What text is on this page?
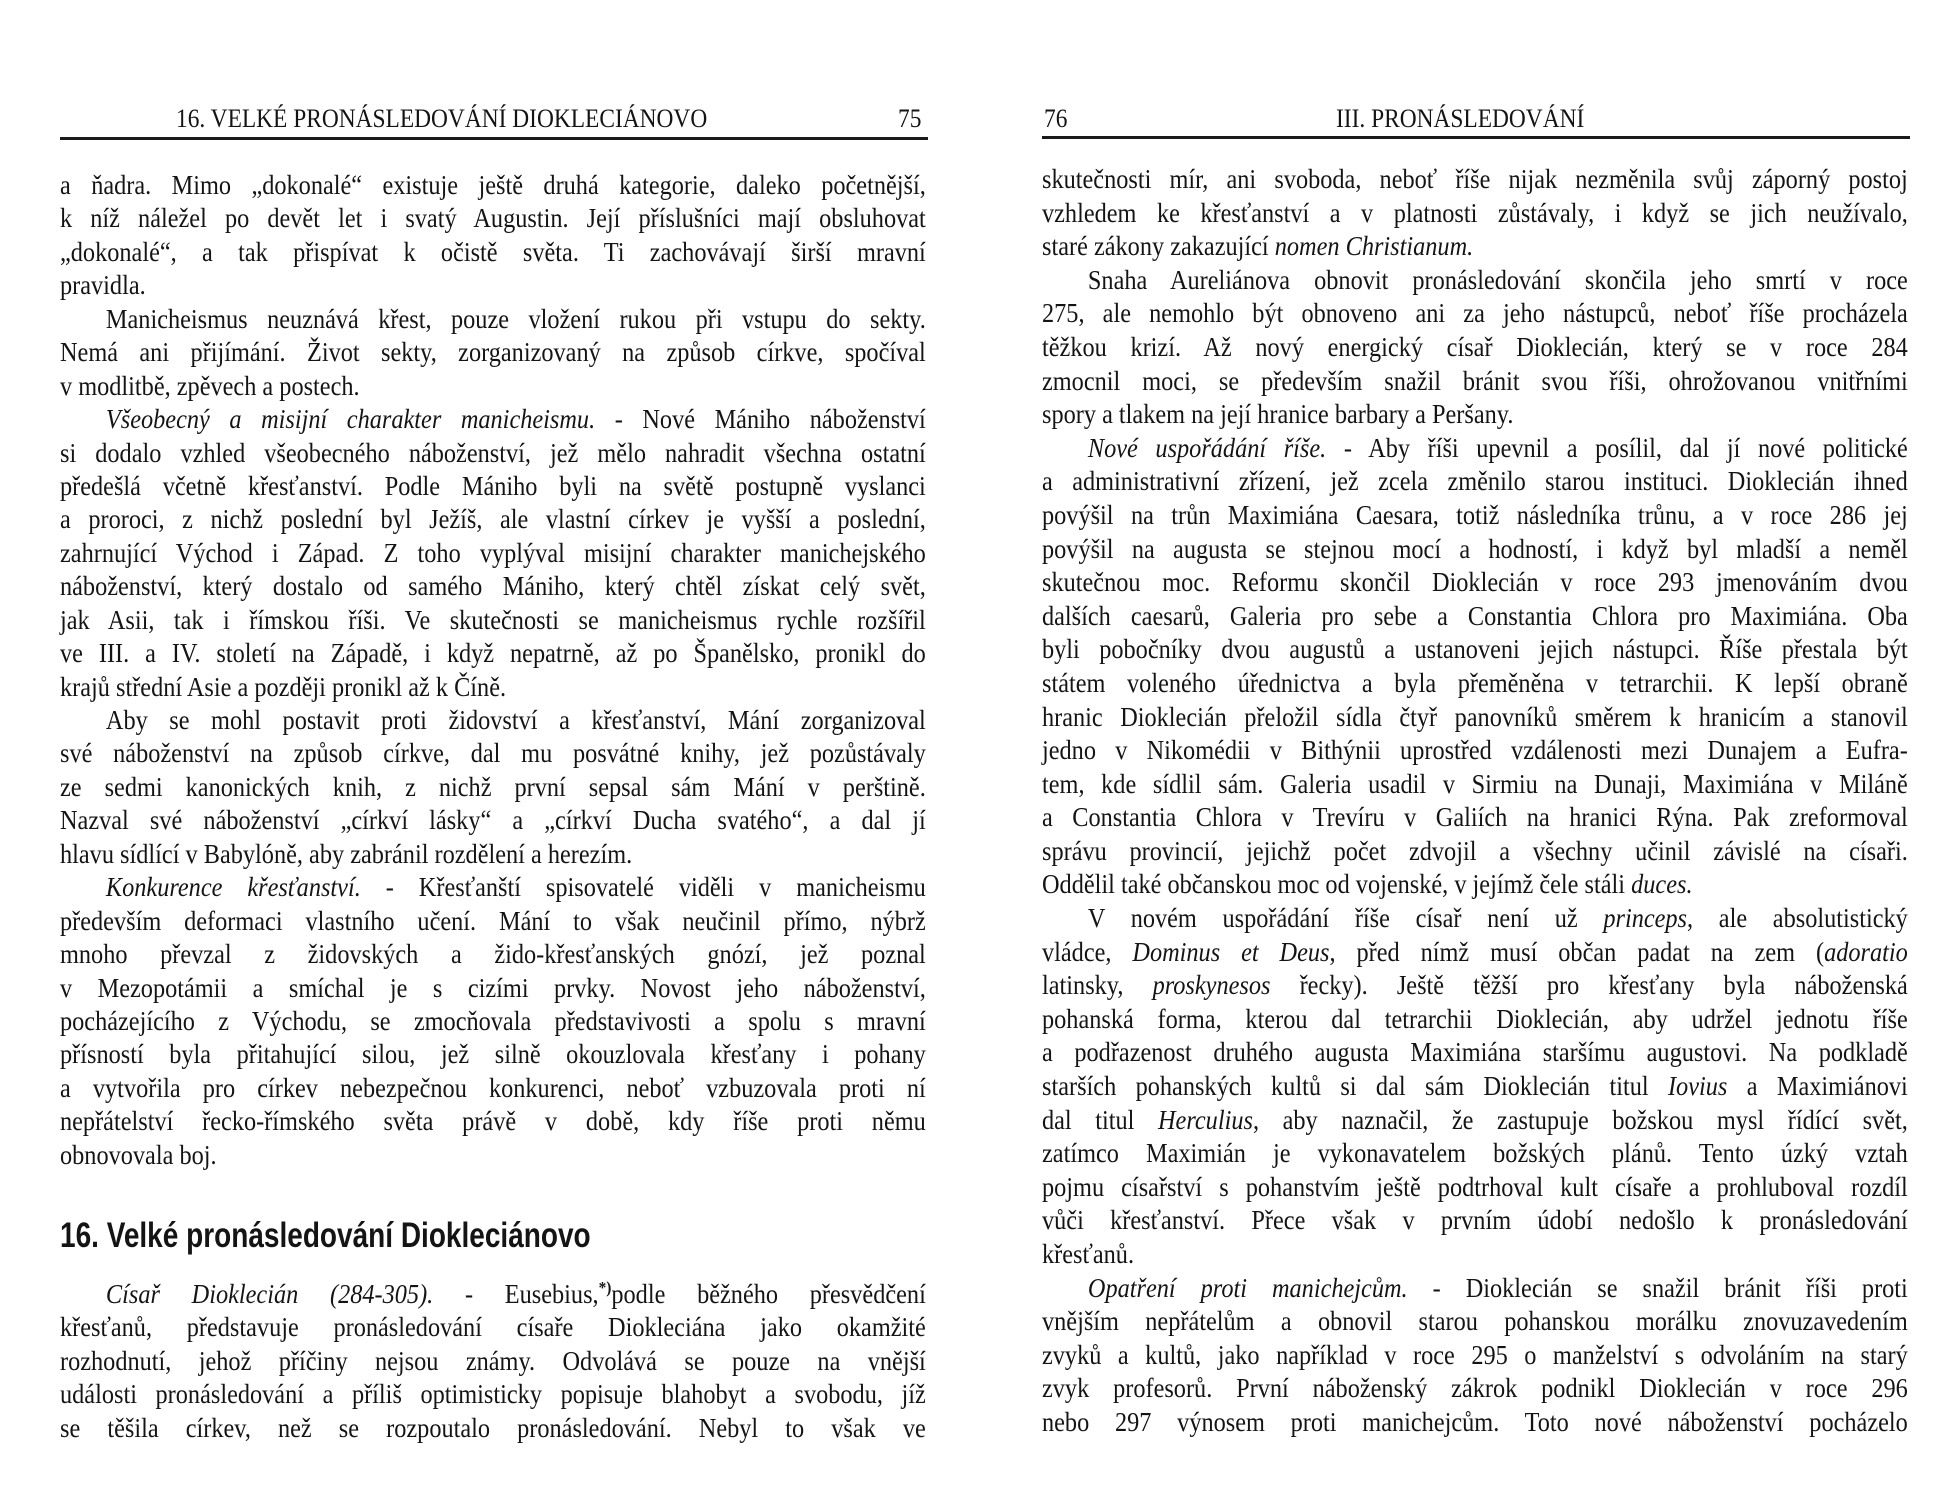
16. VELKÉ PRONÁSLEDOVÁNÍ DIOKLECIÁNOVO	75
a ňadra. Mimo „dokonalé“ existuje ještě druhá kategorie, daleko početnější,
k níž náležel po devět let i svatý Augustin. Její příslušníci mají obsluhovat
„dokonalé“, a tak přispívat k očistě světa. Ti zachovávají širší mravní
pravidla.
Manicheismus neuznává křest, pouze vložení rukou při vstupu do sekty.
Nemá ani přijímání. Život sekty, zorganizovaný na způsob církve, spočíval
v modlitbě, zpěvech a postech.
Všeobecný a misijní charakter manicheismu. - Nové Mániho náboženství
si dodalo vzhled všeobecného náboženství, jež mělo nahradit všechna ostatní
předešlá včetně křesťanství. Podle Mániho byli na světě postupně vyslanci
a proroci, z nichž poslední byl Ježíš, ale vlastní církev je vyšší a poslední,
zahrnující Východ i Západ. Z toho vyplýval misijní charakter manichejského
náboženství, který dostalo od samého Mániho, který chtěl získat celý svět,
jak Asii, tak i římskou říši. Ve skutečnosti se manicheismus rychle rozšířil
ve III. a IV. století na Západě, i když nepatrně, až po Španělsko, pronikl do
krajů střední Asie a později pronikl až k Číně.
Aby se mohl postavit proti židovství a křesťanství, Mání zorganizoval
své náboženství na způsob církve, dal mu posvátné knihy, jež pozůstávaly
ze sedmi kanonických knih, z nichž první sepsal sám Mání v perštině.
Nazval své náboženství „církví lásky“ a „církví Ducha svatého“, a dal jí
hlavu sídlící v Babylóně, aby zabránil rozdělení a herezím.
Konkurence křesťanství. - Křesťanští spisovatelé viděli v manicheismu
především deformaci vlastního učení. Mání to však neučinil přímo, nýbrž
mnoho převzal z židovských a žido-křesťanských gnózí, jež poznal
v Mezopotámii a smíchal je s cizími prvky. Novost jeho náboženství,
pocházejícího z Východu, se zmocňovala představivosti a spolu s mravní
přísností byla přitahující silou, jež silně okouzlovala křesťany i pohany
a vytvořila pro církev nebezpečnou konkurenci, neboť vzbuzovala proti ní
nepřátelství řecko-římského světa právě v době, kdy říše proti němu
obnovovala boj.
16. Velké pronásledování Diokleciánovo
Císař Dioklecián (284-305). - Eusebius,*)podle běžného přesvědčení
křesťanů, představuje pronásledování císaře Diokleciána jako okamžité
rozhodnutí, jehož příčiny nejsou známy. Odvolává se pouze na vnější
události pronásledování a příliš optimisticky popisuje blahobyt a svobodu, jíž
se těšila církev, než se rozpoutalo pronásledování. Nebyl to však ve
76	III. PRONÁSLEDOVÁNÍ
skutečnosti mír, ani svoboda, neboť říše nijak nezměnila svůj záporný postoj
vzhledem ke křesťanství a v platnosti zůstávaly, i když se jich neužívalo,
staré zákony zakazující nomen Christianum.
Snaha Aureliánova obnovit pronásledování skončila jeho smrtí v roce
275, ale nemohlo být obnoveno ani za jeho nástupců, neboť říše procházela
těžkou krizí. Až nový energický císař Dioklecián, který se v roce 284
zmocnil moci, se především snažil bránit svou říši, ohrožovanou vnitřními
spory a tlakem na její hranice barbary a Peršany.
Nové uspořádání říše. - Aby říši upevnil a posílil, dal jí nové politické
a administrativní zřízení, jež zcela změnilo starou instituci. Dioklecián ihned
povýšil na trůn Maximiána Caesara, totiž následníka trůnu, a v roce 286 jej
povýšil na augusta se stejnou mocí a hodností, i když byl mladší a neměl
skutečnou moc. Reformu skončil Dioklecián v roce 293 jmenováním dvou
dalších caesarů, Galeria pro sebe a Constantia Chlora pro Maximiána. Oba
byli pobočníky dvou augustů a ustanoveni jejich nástupci. Říše přestala být
státem voleného úřednictva a byla přeměněna v tetrarchii. K lepší obraně
hranic Dioklecián přeložil sídla čtyř panovníků směrem k hranicím a stanovil
jedno v Nikomédii v Bithýnii uprostřed vzdálenosti mezi Dunajem a Eufra-
tem, kde sídlil sám. Galeria usadil v Sirmiu na Dunaji, Maximiána v Miláně
a Constantia Chlora v Trevíru v Galiích na hranici Rýna. Pak zreformoval
správu provincií, jejichž počet zdvojil a všechny učinil závislé na císaři.
Oddělil také občanskou moc od vojenské, v jejímž čele stáli duces.
V novém uspořádání říše císař není už princeps, ale absolutistický
vládce, Dominus et Deus, před nímž musí občan padat na zem (adoratio
latinsky, proskynesos řecky). Ještě těžší pro křesťany byla náboženská
pohanská forma, kterou dal tetrarchii Dioklecián, aby udržel jednotu říše
a podřazenost druhého augusta Maximiána staršímu augustovi. Na podkladě
starších pohanských kultů si dal sám Dioklecián titul Iovius a Maximiánovi
dal titul Herculius, aby naznačil, že zastupuje božskou mysl řídící svět,
zatímco Maximián je vykonavatelem božských plánů. Tento úzký vztah
pojmu císařství s pohanstvím ještě podtrhoval kult císaře a prohluboval rozdíl
vůči křesťanství. Přece však v prvním údobí nedošlo k pronásledování
křesťanů.
Opatření proti manichejcům. - Dioklecián se snažil bránit říši proti
vnějším nepřátelům a obnovil starou pohanskou morálku znovuzavedením
zvyků a kultů, jako například v roce 295 o manželství s odvoláním na starý
zvyk profesorů. První náboženský zákrok podnikl Dioklecián v roce 296
nebo 297 výnosem proti manichejcům. Toto nové náboženství pocházelo
